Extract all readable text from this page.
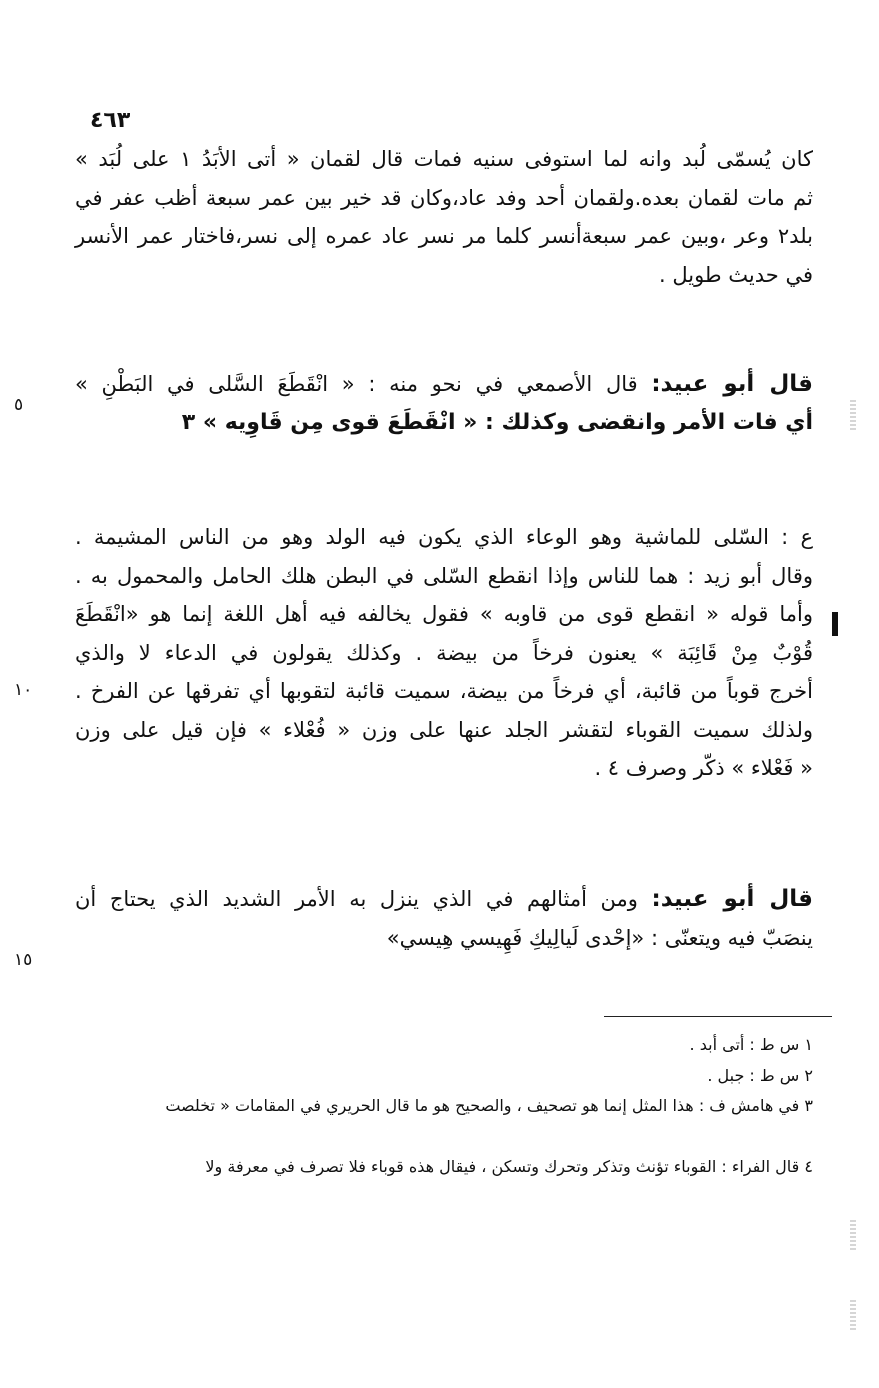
٤٦٣
٥
١٠
١٥
كان يُسمّى لُبد وانه لما استوفى سنيه فمات قال لقمان « أتى الأبَدُ ١ على لُبَد »
ثم مات لقمان بعده.ولقمان أحد وفد عاد،وكان قد خير بين عمر سبعة أظب عفر في
بلد٢ وعر ،وبين عمر سبعةأنسر كلما مر نسر عاد عمره إلى نسر،فاختار عمر الأنسر
في حديث طويل .
قال أبو عبيد: قال الأصمعي في نحو منه : « انْقَطَعَ السَّلى في البَطْنِ »
أي فات الأمر وانقضى وكذلك : « انْقَطَعَ قوى مِن قَاوِيه » ٣
ع : السّلى للماشية وهو الوعاء الذي يكون فيه الولد وهو من الناس المشيمة .
وقال أبو زيد : هما للناس وإذا انقطع السّلى في البطن هلك الحامل والمحمول به .
وأما قوله « انقطع قوى من قاوبه » فقول يخالفه فيه أهل اللغة إنما هو «انْقَطَعَ
قُوْبٌ مِنْ قَائِبَة » يعنون فرخاً من بيضة . وكذلك يقولون في الدعاء لا والذي
أخرج قوباً من قائبة، أي فرخاً من بيضة، سميت قائبة لتقوبها أي تفرقها عن الفرخ .
ولذلك سميت القوباء لتقشر الجلد عنها على وزن « فُعْلاء » فإن قيل على وزن
« فَعْلاء » ذكّر وصرف ٤ .
قال أبو عبيد: ومن أمثالهم في الذي ينزل به الأمر الشديد الذي يحتاج أن
ينصَبّ فيه ويتعنّى : «إحْدى لَيالِيكِ فَهِيسي هِيسي»
١ س ط : أتى أبد .
٢ س ط : جبل .
٣ في هامش ف : هذا المثل إنما هو تصحيف ، والصحيح هو ما قال الحريري في المقامات « تخلصت
٤ قال الفراء : القوباء تؤنث وتذكر وتحرك وتسكن ، فيقال هذه قوباء فلا تصرف في معرفة ولا
